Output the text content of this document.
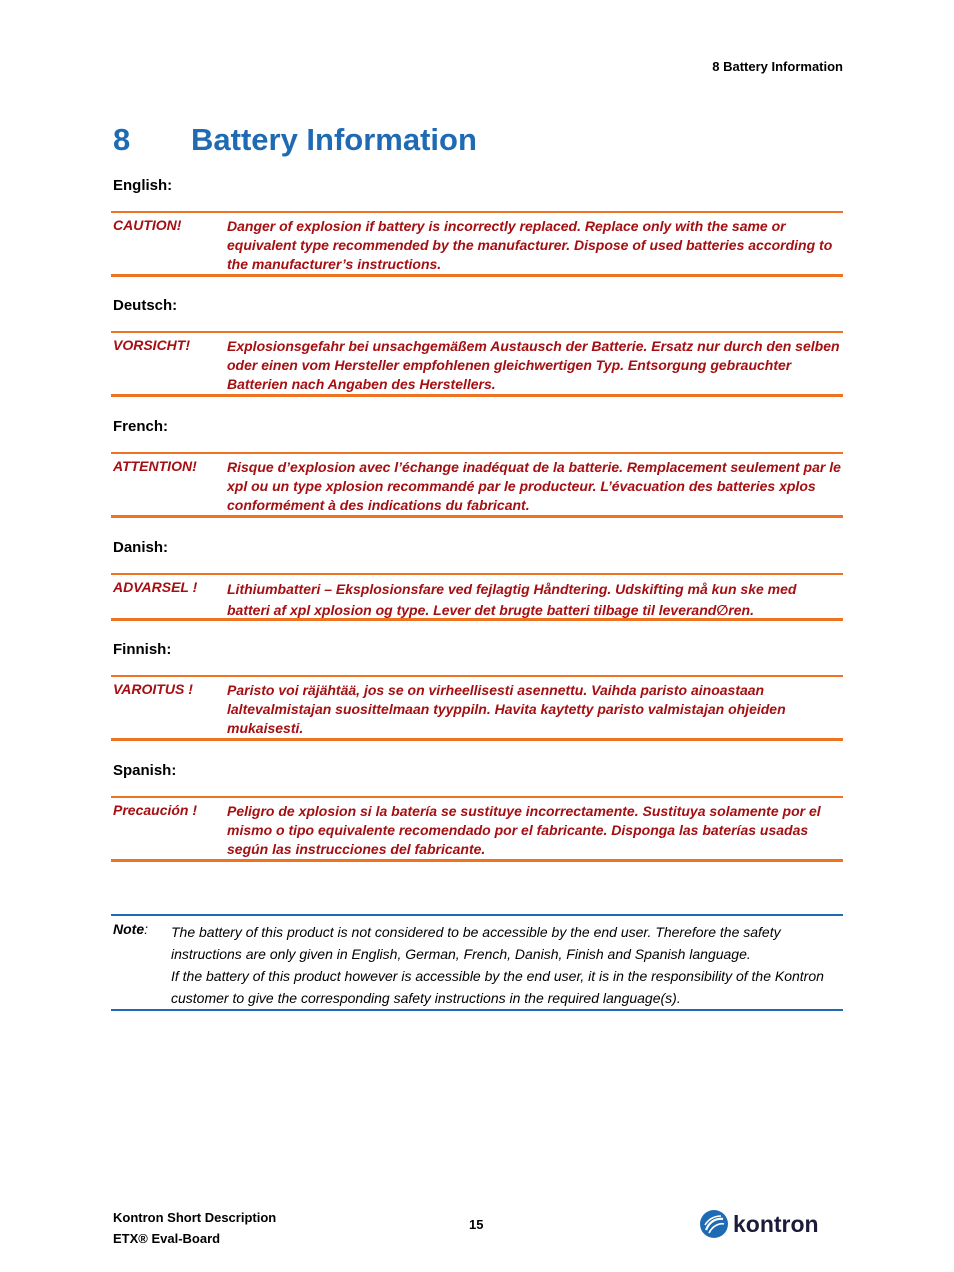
8 Battery Information
8 Battery Information
English:
CAUTION!	Danger of explosion if battery is incorrectly replaced. Replace only with the same or equivalent type recommended by the manufacturer. Dispose of used batteries according to the manufacturer’s instructions.
Deutsch:
VORSICHT!	Explosionsgefahr bei unsachgemäßem Austausch der Batterie. Ersatz nur durch den selben oder einen vom Hersteller empfohlenen gleichwertigen Typ. Entsorgung gebrauchter Batterien nach Angaben des Herstellers.
French:
ATTENTION! Risque d’explosion avec l’échange inadéquat de la batterie. Remplacement seulement par le xpl ou un type xplosion recommandé par le producteur. L’évacuation des batteries xplos conformément à des indications du fabricant.
Danish:
ADVARSEL ! Lithiumbatteri – Eksplosionsfare ved fejlagtig Håndtering. Udskifting må kun ske med batteri af xpl xplosion og type. Lever det brugte batteri tilbage til leverand∅ren.
Finnish:
VAROITUS ! Paristo voi räjähtää, jos se on virheellisesti asennettu. Vaihda paristo ainoastaan laltevalmistajan suosittelmaan tyyppiln. Havita kaytetty paristo valmistajan ohjeiden mukaisesti.
Spanish:
Precaución ! Peligro de xplosion si la batería se sustituye incorrectamente. Sustituya solamente por el mismo o tipo equivalente recomendado por el fabricante. Disponga las baterías usadas según las instrucciones del fabricante.
Note: The battery of this product is not considered to be accessible by the end user. Therefore the safety instructions are only given in English, German, French, Danish, Finish and Spanish language.
If the battery of this product however is accessible by the end user, it is in the responsibility of the Kontron customer to give the corresponding safety instructions in the required language(s).
Kontron Short Description
ETX® Eval-Board
15	kontron
